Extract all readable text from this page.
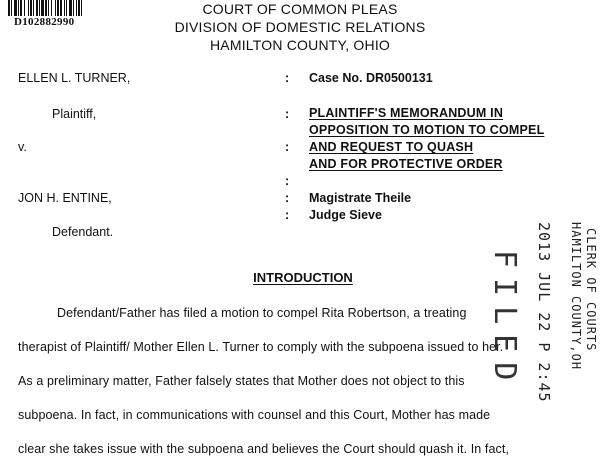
D102882990
COURT OF COMMON PLEAS
DIVISION OF DOMESTIC RELATIONS
HAMILTON COUNTY, OHIO
ELLEN L. TURNER,
Plaintiff,
v.
JON H. ENTINE,
Defendant.
:
:
:
:
:
:
Case No. DR0500131
PLAINTIFF'S MEMORANDUM IN
OPPOSITION TO MOTION TO COMPEL
AND REQUEST TO QUASH
AND FOR PROTECTIVE ORDER
Magistrate Theile
Judge Sieve
INTRODUCTION
Defendant/Father has filed a motion to compel Rita Robertson, a treating
therapist of Plaintiff/ Mother Ellen L. Turner to comply with the subpoena issued to her.
As a preliminary matter, Father falsely states that Mother does not object to this
subpoena. In fact, in communications with counsel and this Court, Mother has made
clear she takes issue with the subpoena and believes the Court should quash it. In fact,
FILED 2013 JUL 22 P 2:45 HAMILTON COUNTY,OH CLERK OF COURTS
